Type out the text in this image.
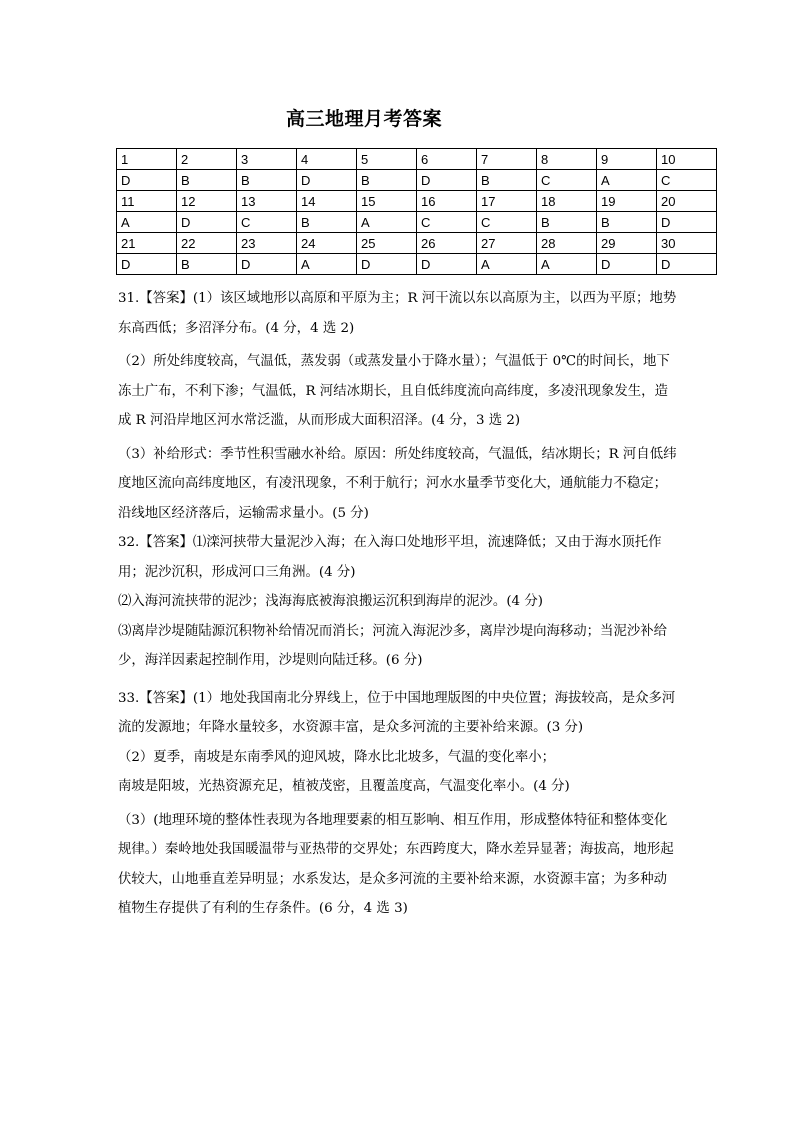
高三地理月考答案
1	2	3	4	5	6	7	8	9	10
D	B	B	D	B	D	B	C	A	C
11	12	13	14	15	16	17	18	19	20
A	D	C	B	A	C	C	B	B	D
21	22	23	24	25	26	27	28	29	30
D	B	D	A	D	D	A	A	D	D

31.【答案】(1）该区域地形以高原和平原为主；R 河干流以东以高原为主，以西为平原；地势东高西低；多沼泽分布。(4 分，4 选 2)

（2）所处纬度较高，气温低，蒸发弱（或蒸发量小于降水量）；气温低于 0℃的时间长，地下冻土广布，不利下渗；气温低，R 河结冰期长，且自低纬度流向高纬度，多凌汛现象发生，造成 R 河沿岸地区河水常泛滥，从而形成大面积沼泽。(4 分，3 选 2)

（3）补给形式：季节性积雪融水补给。原因：所处纬度较高，气温低，结冰期长；R 河自低纬度地区流向高纬度地区，有凌汛现象，不利于航行；河水水量季节变化大，通航能力不稳定；沿线地区经济落后，运输需求量小。(5 分)

32.【答案】⑴滦河挟带大量泥沙入海；在入海口处地形平坦，流速降低；又由于海水顶托作用；泥沙沉积，形成河口三角洲。(4 分)

⑵入海河流挟带的泥沙；浅海海底被海浪搬运沉积到海岸的泥沙。(4 分)

⑶离岸沙堤随陆源沉积物补给情况而消长；河流入海泥沙多，离岸沙堤向海移动；当泥沙补给少，海洋因素起控制作用，沙堤则向陆迁移。(6 分)

33.【答案】(1）地处我国南北分界线上，位于中国地理版图的中央位置；海拔较高，是众多河流的发源地；年降水量较多，水资源丰富，是众多河流的主要补给来源。(3 分)

（2）夏季，南坡是东南季风的迎风坡，降水比北坡多，气温的变化率小；

南坡是阳坡，光热资源充足，植被茂密，且覆盖度高，气温变化率小。(4 分)

（3）(地理环境的整体性表现为各地理要素的相互影响、相互作用，形成整体特征和整体变化规律。）秦岭地处我国暖温带与亚热带的交界处；东西跨度大，降水差异显著；海拔高，地形起伏较大，山地垂直差异明显；水系发达，是众多河流的主要补给来源，水资源丰富；为多种动植物生存提供了有利的生存条件。(6 分，4 选 3)
